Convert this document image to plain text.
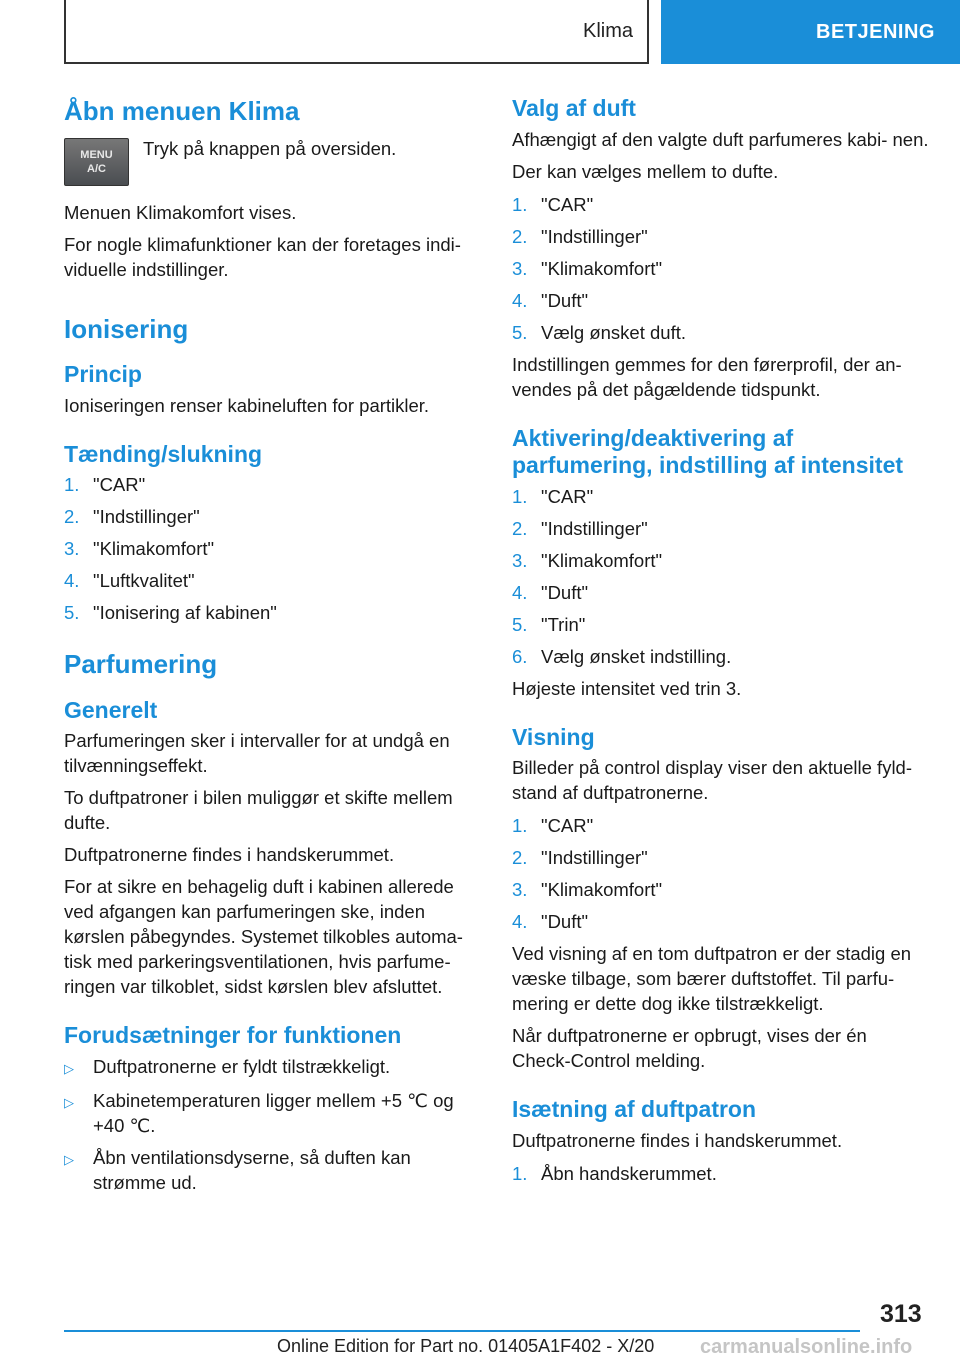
Klima	BETJENING
Åbn menuen Klima
MENU
A/C

Tryk på knappen på oversiden.

Menuen Klimakomfort vises.

For nogle klimafunktioner kan der foretages indi- viduelle indstillinger.

Ionisering
Princip

Ioniseringen renser kabineluften for partikler.

Tænding/slukning
1. "CAR"
2. "Indstillinger"
3. "Klimakomfort"
4. "Luftkvalitet"
5. "Ionisering af kabinen"
Parfumering
Generelt

Parfumeringen sker i intervaller for at undgå en tilvænningseffekt.

To duftpatroner i bilen muliggør et skifte mellem dufte.

Duftpatronerne findes i handskerummet.

For at sikre en behagelig duft i kabinen allerede ved afgangen kan parfumeringen ske, inden kørslen påbegyndes. Systemet tilkobles automa- tisk med parkeringsventilationen, hvis parfume- ringen var tilkoblet, sidst kørslen blev afsluttet.

Forudsætninger for funktionen
▷	Duftpatronerne er fyldt tilstrækkeligt.
▷	Kabinetemperaturen ligger mellem +5 ℃ og +40 ℃.
▷	Åbn ventilationsdyserne, så duften kan strømme ud.
Valg af duft

Afhængigt af den valgte duft parfumeres kabi- nen.

Der kan vælges mellem to dufte.

1. "CAR"
2. "Indstillinger"
3. "Klimakomfort"
4. "Duft"
5. Vælg ønsket duft.

Indstillingen gemmes for den førerprofil, der an- vendes på det pågældende tidspunkt.

Aktivering/deaktivering af parfumering, indstilling af intensitet
1. "CAR"
2. "Indstillinger"
3. "Klimakomfort"
4. "Duft"
5. "Trin"
6. Vælg ønsket indstilling.

Højeste intensitet ved trin 3.

Visning

Billeder på control display viser den aktuelle fyld- stand af duftpatronerne.

1. "CAR"
2. "Indstillinger"
3. "Klimakomfort"
4. "Duft"

Ved visning af en tom duftpatron er der stadig en væske tilbage, som bærer duftstoffet. Til parfu- mering er dette dog ikke tilstrækkeligt.

Når duftpatronerne er opbrugt, vises der én Check-Control melding.

Isætning af duftpatron

Duftpatronerne findes i handskerummet.

1. Åbn handskerummet.
313
Online Edition for Part no. 01405A1F402 - X/20 carmanualsonline.info
